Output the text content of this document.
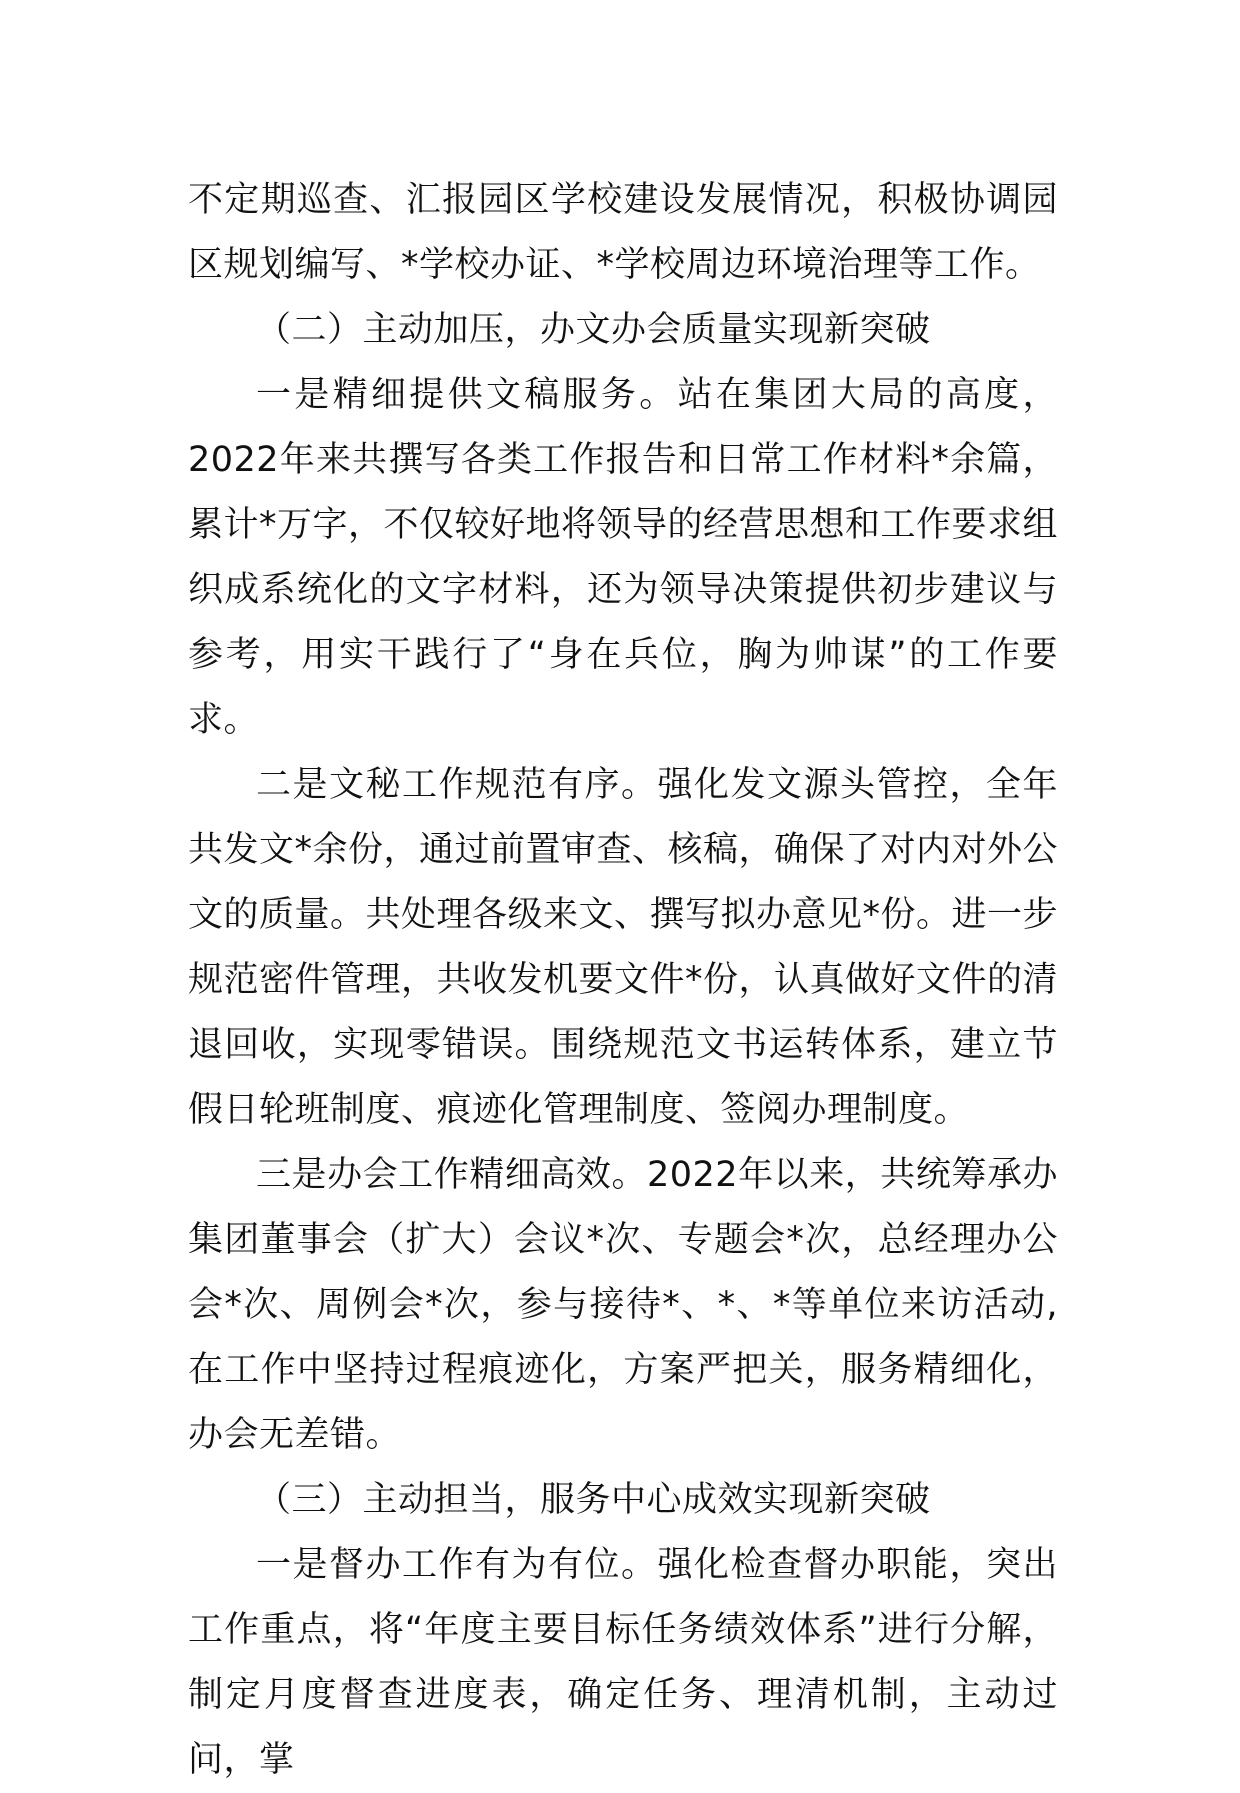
不定期巡查、汇报园区学校建设发展情况，积极协调园区规划编写、*学校办证、*学校周边环境治理等工作。

（二）主动加压，办文办会质量实现新突破

一是精细提供文稿服务。站在集团大局的高度，2022年来共撰写各类工作报告和日常工作材料*余篇，累计*万字，不仅较好地将领导的经营思想和工作要求组织成系统化的文字材料，还为领导决策提供初步建议与参考，用实干践行了“身在兵位，胸为帅谋”的工作要求。

二是文秘工作规范有序。强化发文源头管控，全年共发文*余份，通过前置审查、核稿，确保了对内对外公文的质量。共处理各级来文、撰写拟办意见*份。进一步规范密件管理，共收发机要文件*份，认真做好文件的清退回收，实现零错误。围绕规范文书运转体系，建立节假日轮班制度、痕迹化管理制度、签阅办理制度。

三是办会工作精细高效。2022年以来，共统筹承办集团董事会（扩大）会议*次、专题会*次，总经理办公会*次、周例会*次，参与接待*、*、*等单位来访活动,在工作中坚持过程痕迹化，方案严把关，服务精细化，办会无差错。

（三）主动担当，服务中心成效实现新突破

一是督办工作有为有位。强化检查督办职能，突出工作重点，将“年度主要目标任务绩效体系”进行分解，制定月度督查进度表，确定任务、理清机制，主动过问，掌
